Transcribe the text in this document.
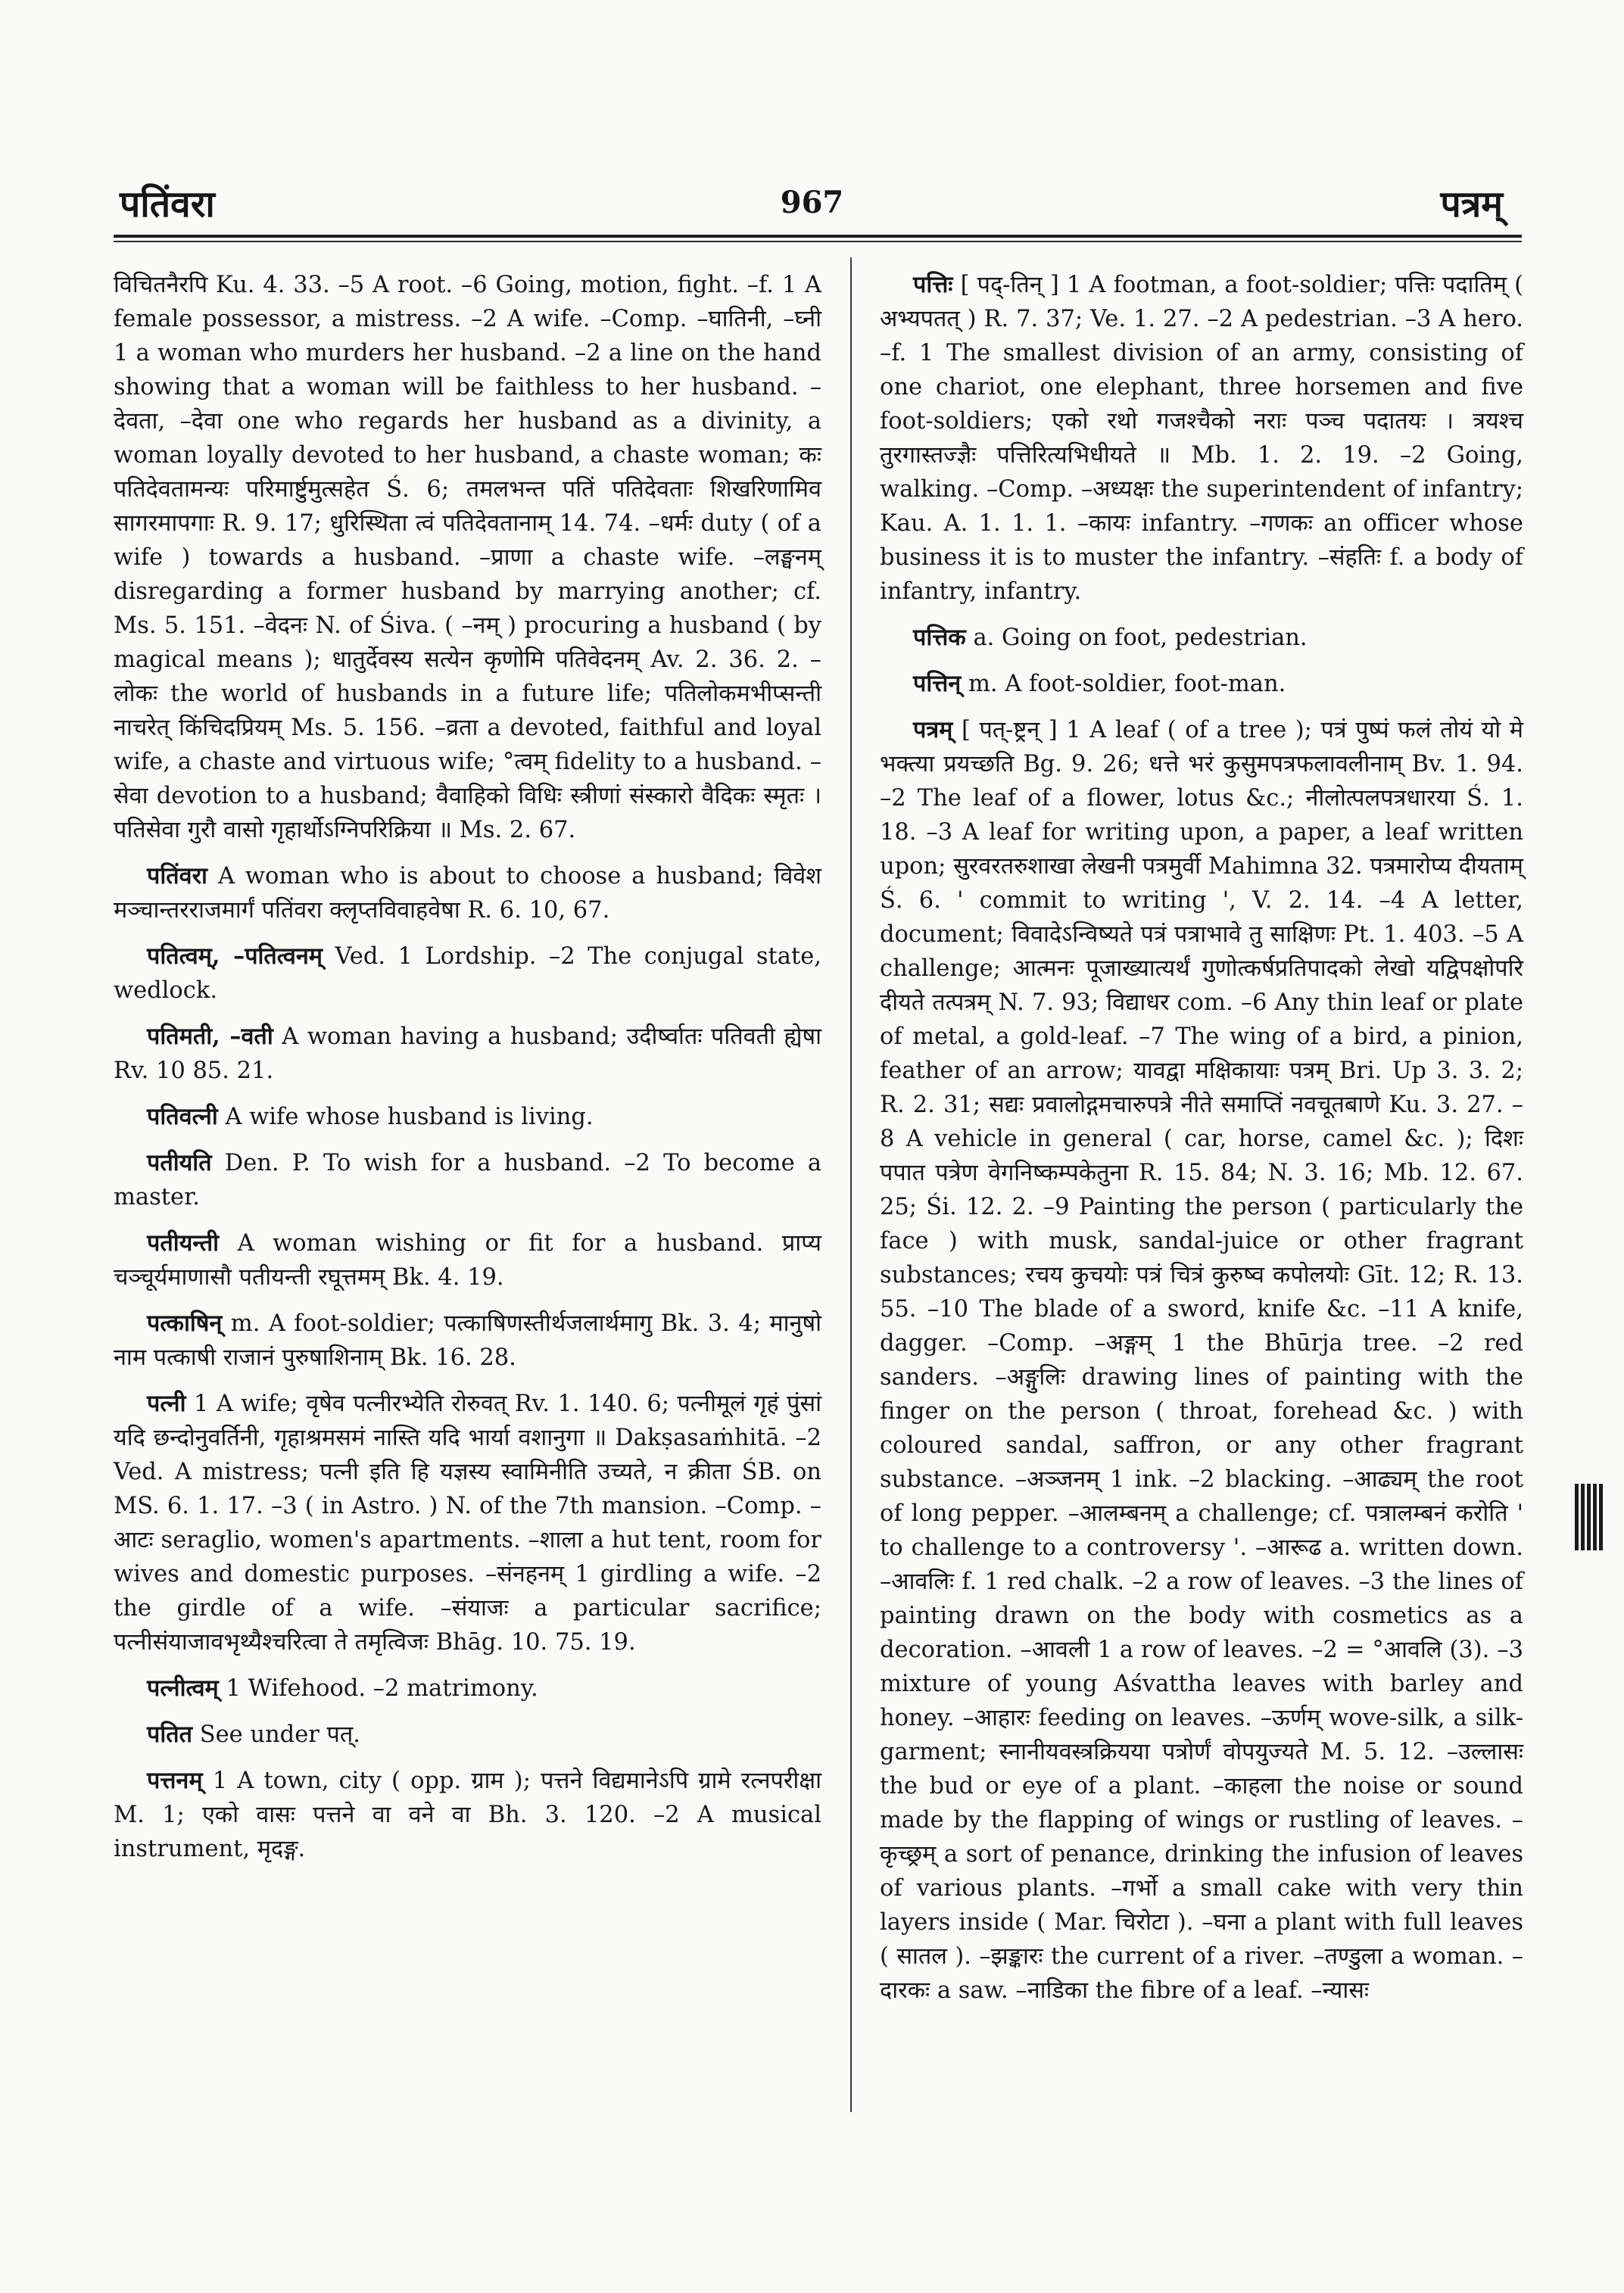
पतिंवरा	967	पत्रम्

विचितनैरपि Ku. 4. 33. –5 A root. –6 Going, motion, fight. –f. 1 A female possessor, a mistress. –2 A wife. –Comp. –घातिनी, –घ्नी 1 a woman who murders her husband. –2 a line on the hand showing that a woman will be faithless to her husband. –देवता, –देवा one who regards her husband as a divinity, a woman loyally devoted to her husband, a chaste woman; कः पतिदेवतामन्यः परिमार्ष्टुमुत्सहेत Ś. 6; तमलभन्त पतिं पतिदेवताः शिखरिणामिव सागरमापगाः R. 9. 17; धुरिस्थिता त्वं पतिदेवतानाम् 14. 74. –धर्मः duty ( of a wife ) towards a husband. –प्राणा a chaste wife. –लङ्घनम् disregarding a former husband by marrying another; cf. Ms. 5. 151. –वेदनः N. of Śiva. ( –नम् ) procuring a husband ( by magical means ); धातुर्देवस्य सत्येन कृणोमि पतिवेदनम् Av. 2. 36. 2. –लोकः the world of husbands in a future life; पतिलोकमभीप्सन्ती नाचरेत् किंचिदप्रियम् Ms. 5. 156. –व्रता a devoted, faithful and loyal wife, a chaste and virtuous wife; °त्वम् fidelity to a husband. –सेवा devotion to a husband; वैवाहिको विधिः स्त्रीणां संस्कारो वैदिकः स्मृतः । पतिसेवा गुरौ वासो गृहार्थोऽग्निपरिक्रिया ॥ Ms. 2. 67.

पतिंवरा A woman who is about to choose a husband; विवेश मञ्चान्तरराजमार्गं पतिंवरा क्लृप्तविवाहवेषा R. 6. 10, 67.

पतित्वम्, –पतित्वनम् Ved. 1 Lordship. –2 The conjugal state, wedlock.

पतिमती, –वती A woman having a husband; उदीर्ष्वातः पतिवती ह्येषा Rv. 10 85. 21.

पतिवत्नी A wife whose husband is living.

पतीयति Den. P. To wish for a husband. –2 To become a master.

पतीयन्ती A woman wishing or fit for a husband. प्राप्य चञ्चूर्यमाणासौ पतीयन्ती रघूत्तमम् Bk. 4. 19.

पत्काषिन् m. A foot-soldier; पत्काषिणस्तीर्थजलार्थमागु Bk. 3. 4; मानुषो नाम पत्काषी राजानं पुरुषाशिनाम् Bk. 16. 28.

पत्नी 1 A wife; वृषेव पत्नीरभ्येति रोरुवत् Rv. 1. 140. 6; पत्नीमूलं गृहं पुंसां यदि छन्दोनुवर्तिनी, गृहाश्रमसमं नास्ति यदि भार्या वशानुगा ॥ Dakṣasaṁhitā. –2 Ved. A mistress; पत्नी इति हि यज्ञस्य स्वामिनीति उच्यते, न क्रीता ŚB. on MS. 6. 1. 17. –3 ( in Astro. ) N. of the 7th mansion. –Comp. –आटः seraglio, women's apartments. –शाला a hut tent, room for wives and domestic purposes. –संनहनम् 1 girdling a wife. –2 the girdle of a wife. –संयाजः a particular sacrifice; पत्नीसंयाजावभृथ्यैश्चरित्वा ते तमृत्विजः Bhāg. 10. 75. 19.

पत्नीत्वम् 1 Wifehood. –2 matrimony.

पतित See under पत्.

पत्तनम् 1 A town, city ( opp. ग्राम ); पत्तने विद्यमानेऽपि ग्रामे रत्नपरीक्षा M. 1; एको वासः पत्तने वा वने वा Bh. 3. 120. –2 A musical instrument, मृदङ्ग.

पत्तिः [ पद्-तिन् ] 1 A footman, a foot-soldier; पत्तिः पदातिम् ( अभ्यपतत् ) R. 7. 37; Ve. 1. 27. –2 A pedestrian. –3 A hero. –f. 1 The smallest division of an army, consisting of one chariot, one elephant, three horsemen and five foot-soldiers; एको रथो गजश्चैको नराः पञ्च पदातयः । त्रयश्च तुरगास्तज्ज्ञैः पत्तिरित्यभिधीयते ॥ Mb. 1. 2. 19. –2 Going, walking. –Comp. –अध्यक्षः the superintendent of infantry; Kau. A. 1. 1. 1. –कायः infantry. –गणकः an officer whose business it is to muster the infantry. –संहतिः f. a body of infantry, infantry.

पत्तिक a. Going on foot, pedestrian.

पत्तिन् m. A foot-soldier, foot-man.

पत्रम् [ पत्-ष्ट्रन् ] 1 A leaf ( of a tree ); पत्रं पुष्पं फलं तोयं यो मे भक्त्या प्रयच्छति Bg. 9. 26; धत्ते भरं कुसुमपत्रफलावलीनाम् Bv. 1. 94. –2 The leaf of a flower, lotus &c.; नीलोत्पलपत्रधारया Ś. 1. 18. –3 A leaf for writing upon, a paper, a leaf written upon; सुरवरतरुशाखा लेखनी पत्रमुर्वी Mahimna 32. पत्रमारोप्य दीयताम् Ś. 6. ' commit to writing ', V. 2. 14. –4 A letter, document; विवादेऽन्विष्यते पत्रं पत्राभावे तु साक्षिणः Pt. 1. 403. –5 A challenge; आत्मनः पूजाख्यात्यर्थं गुणोत्कर्षप्रतिपादको लेखो यद्विपक्षोपरि दीयते तत्पत्रम् N. 7. 93; विद्याधर com. –6 Any thin leaf or plate of metal, a gold-leaf. –7 The wing of a bird, a pinion, feather of an arrow; यावद्वा मक्षिकायाः पत्रम् Bri. Up 3. 3. 2; R. 2. 31; सद्यः प्रवालोद्गमचारुपत्रे नीते समाप्तिं नवचूतबाणे Ku. 3. 27. –8 A vehicle in general ( car, horse, camel &c. ); दिशः पपात पत्रेण वेगनिष्कम्पकेतुना R. 15. 84; N. 3. 16; Mb. 12. 67. 25; Śi. 12. 2. –9 Painting the person ( particularly the face ) with musk, sandal-juice or other fragrant substances; रचय कुचयोः पत्रं चित्रं कुरुष्व कपोलयोः Gīt. 12; R. 13. 55. –10 The blade of a sword, knife &c. –11 A knife, dagger. –Comp. –अङ्गम् 1 the Bhūrja tree. –2 red sanders. –अङ्गुलिः drawing lines of painting with the finger on the person ( throat, forehead &c. ) with coloured sandal, saffron, or any other fragrant substance. –अञ्जनम् 1 ink. –2 blacking. –आढ्यम् the root of long pepper. –आलम्बनम् a challenge; cf. पत्रालम्बनं करोति ' to challenge to a controversy '. –आरूढ a. written down. –आवलिः f. 1 red chalk. –2 a row of leaves. –3 the lines of painting drawn on the body with cosmetics as a decoration. –आवली 1 a row of leaves. –2 = °आवलि (3). –3 mixture of young Aśvattha leaves with barley and honey. –आहारः feeding on leaves. –ऊर्णम् wove-silk, a silk-garment; स्नानीयवस्त्रक्रियया पत्रोर्णं वोपयुज्यते M. 5. 12. –उल्लासः the bud or eye of a plant. –काहला the noise or sound made by the flapping of wings or rustling of leaves. –कृच्छ्रम् a sort of penance, drinking the infusion of leaves of various plants. –गर्भो a small cake with very thin layers inside ( Mar. चिरोटा ). –घना a plant with full leaves ( सातल ). –झङ्कारः the current of a river. –तण्डुला a woman. –दारकः a saw. –नाडिका the fibre of a leaf. –न्यासः
